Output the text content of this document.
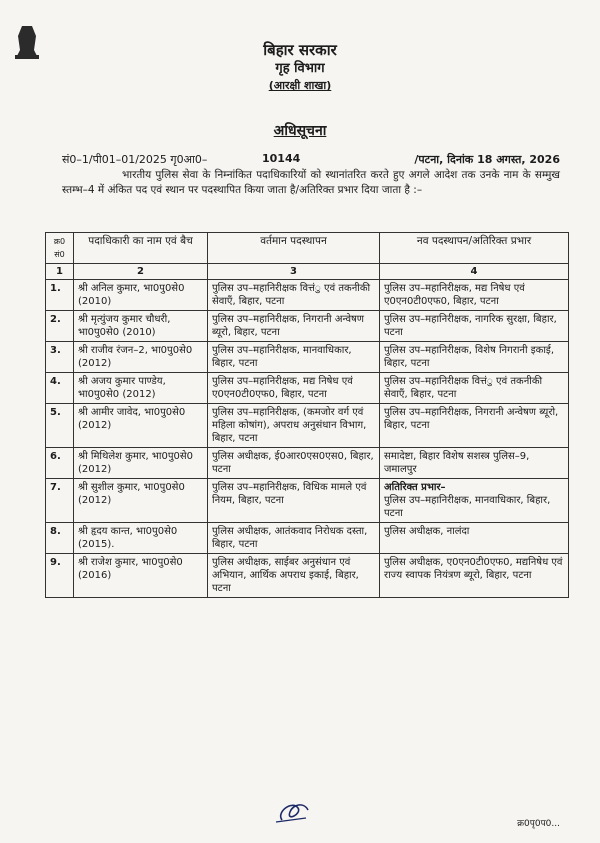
बिहार सरकार
गृह विभाग
(आरक्षी शाखा)
अधिसूचना
सं0–1/पी01–01/2025 गृ0आ0–	10144	/पटना, दिनांक 18 अगस्त, 2026
भारतीय पुलिस सेवा के निम्नांकित पदाधिकारियों को स्थानांतरित करते हुए अगले आदेश तक उनके नाम के सम्मुख स्तम्भ–4 में अंकित पद एवं स्थान पर पदस्थापित किया जाता है/अतिरिक्त प्रभार दिया जाता है :–
क्र0 सं0	पदाधिकारी का नाम एवं बैच	वर्तमान पदस्थापन	नव पदस्थापन/अतिरिक्त प्रभार
1	2	3	4
1.	श्री अनिल कुमार, भा0पु0से0 (2010)	पुलिस उप–महानिरीक्षक वित्तंु एवं तकनीकी सेवाएँ, बिहार, पटना	पुलिस उप–महानिरीक्षक, मद्य निषेध एवं ए0एन0टी0एफ0, बिहार, पटना
2.	श्री मृत्युंजय कुमार चौधरी, भा0पु0से0 (2010)	पुलिस उप–महानिरीक्षक, निगरानी अन्वेषण ब्यूरो, बिहार, पटना	पुलिस उप–महानिरीक्षक, नागरिक सुरक्षा, बिहार, पटना
3.	श्री राजीव रंजन–2, भा0पु0से0 (2012)	पुलिस उप–महानिरीक्षक, मानवाधिकार, बिहार, पटना	पुलिस उप–महानिरीक्षक, विशेष निगरानी इकाई, बिहार, पटना
4.	श्री अजय कुमार पाण्डेय, भा0पु0से0 (2012)	पुलिस उप–महानिरीक्षक, मद्य निषेध एवं ए0एन0टी0एफ0, बिहार, पटना	पुलिस उप–महानिरीक्षक वित्तंु एवं तकनीकी सेवाएँ, बिहार, पटना
5.	श्री आमीर जावेद, भा0पु0से0 (2012)	पुलिस उप–महानिरीक्षक, (कमजोर वर्ग एवं महिला कोषांग), अपराध अनुसंधान विभाग, बिहार, पटना	पुलिस उप–महानिरीक्षक, निगरानी अन्वेषण ब्यूरो, बिहार, पटना
6.	श्री मिथिलेश कुमार, भा0पु0से0 (2012)	पुलिस अधीक्षक, ई0आर0एस0एस0, बिहार, पटना	समादेष्टा, बिहार विशेष सशस्त्र पुलिस–9, जमालपुर
7.	श्री सुशील कुमार, भा0पु0से0 (2012)	पुलिस उप–महानिरीक्षक, विधिक मामले एवं नियम, बिहार, पटना	अतिरिक्त प्रभार–
पुलिस उप–महानिरीक्षक, मानवाधिकार, बिहार, पटना
8.	श्री हृदय कान्त, भा0पु0से0 (2015).	पुलिस अधीक्षक, आतंकवाद निरोधक दस्ता, बिहार, पटना	पुलिस अधीक्षक, नालंदा
9.	श्री राजेश कुमार, भा0पु0से0 (2016)	पुलिस अधीक्षक, साईबर अनुसंधान एवं अभियान, आर्थिक अपराध इकाई, बिहार, पटना	पुलिस अधीक्षक, ए0एन0टी0एफ0, मद्यनिषेध एवं राज्य स्वापक नियंत्रण ब्यूरो, बिहार, पटना
क्र0पृ0प0...
